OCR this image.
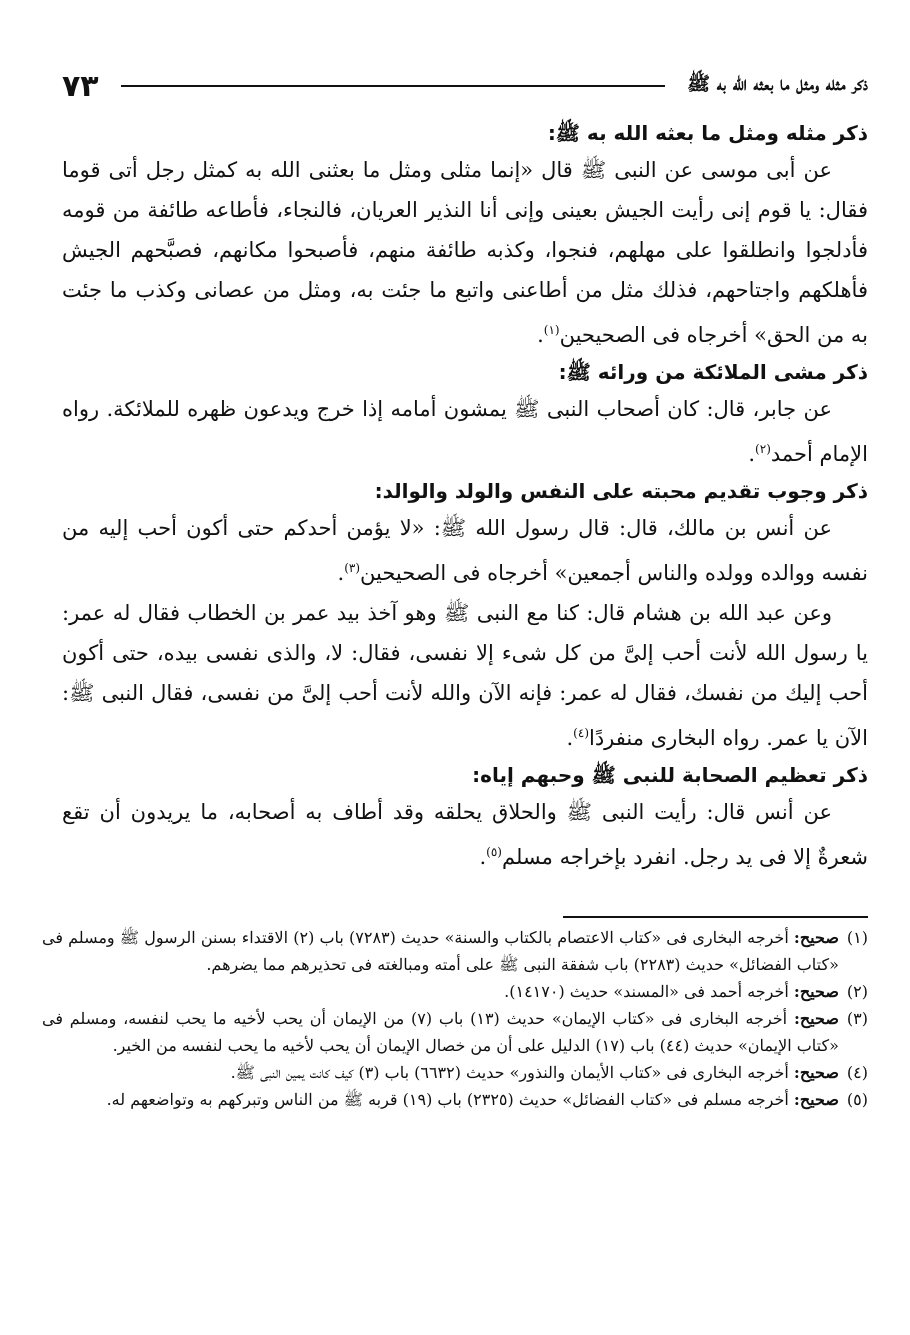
ذكر مثله ومثل ما بعثه الله به ﷺ
٧٣
ذكر مثله ومثل ما بعثه الله به ﷺ:

عن أبى موسى عن النبى ﷺ قال «إنما مثلى ومثل ما بعثنى الله به كمثل رجل أتى قوما فقال: يا قوم إنى رأيت الجيش بعينى وإنى أنا النذير العريان، فالنجاء، فأطاعه طائفة من قومه فأدلجوا وانطلقوا على مهلهم، فنجوا، وكذبه طائفة منهم، فأصبحوا مكانهم، فصبَّحهم الجيش فأهلكهم واجتاحهم، فذلك مثل من أطاعنى واتبع ما جئت به، ومثل من عصانى وكذب ما جئت به من الحق» أخرجاه فى الصحيحين$^{(١)}$.

ذكر مشى الملائكة من ورائه ﷺ:

عن جابر، قال: كان أصحاب النبى ﷺ يمشون أمامه إذا خرج ويدعون ظهره للملائكة. رواه الإمام أحمد$^{(٢)}$.

ذكر وجوب تقديم محبته على النفس والولد والوالد:

عن أنس بن مالك، قال: قال رسول الله ﷺ: «لا يؤمن أحدكم حتى أكون أحب إليه من نفسه ووالده وولده والناس أجمعين» أخرجاه فى الصحيحين$^{(٣)}$.

وعن عبد الله بن هشام قال: كنا مع النبى ﷺ وهو آخذ بيد عمر بن الخطاب فقال له عمر: يا رسول الله لأنت أحب إلىَّ من كل شىء إلا نفسى، فقال: لا، والذى نفسى بيده، حتى أكون أحب إليك من نفسك، فقال له عمر: فإنه الآن والله لأنت أحب إلىَّ من نفسى، فقال النبى ﷺ: الآن يا عمر. رواه البخارى منفردًا$^{(٤)}$.

ذكر تعظيم الصحابة للنبى ﷺ وحبهم إياه:

عن أنس قال: رأيت النبى ﷺ والحلاق يحلقه وقد أطاف به أصحابه، ما يريدون أن تقع شعرةٌ إلا فى يد رجل. انفرد بإخراجه مسلم$^{(٥)}$.

(١)
صحيح: أخرجه البخارى فى «كتاب الاعتصام بالكتاب والسنة» حديث (٧٢٨٣) باب (٢) الاقتداء بسنن الرسول ﷺ ومسلم فى «كتاب الفضائل» حديث (٢٢٨٣) باب شفقة النبى ﷺ على أمته ومبالغته فى تحذيرهم مما يضرهم.

(٢)
صحيح: أخرجه أحمد فى «المسند» حديث (١٤١٧٠).

(٣)
صحيح: أخرجه البخارى فى «كتاب الإيمان» حديث (١٣) باب (٧) من الإيمان أن يحب لأخيه ما يحب لنفسه، ومسلم فى «كتاب الإيمان» حديث (٤٤) باب (١٧) الدليل على أن من خصال الإيمان أن يحب لأخيه ما يحب لنفسه من الخير.

(٤)
صحيح: أخرجه البخارى فى «كتاب الأيمان والنذور» حديث (٦٦٣٢) باب (٣) كيف كانت يمين النبى ﷺ.

(٥)
صحيح: أخرجه مسلم فى «كتاب الفضائل» حديث (٢٣٢٥) باب (١٩) قربه ﷺ من الناس وتبركهم به وتواضعهم له.
